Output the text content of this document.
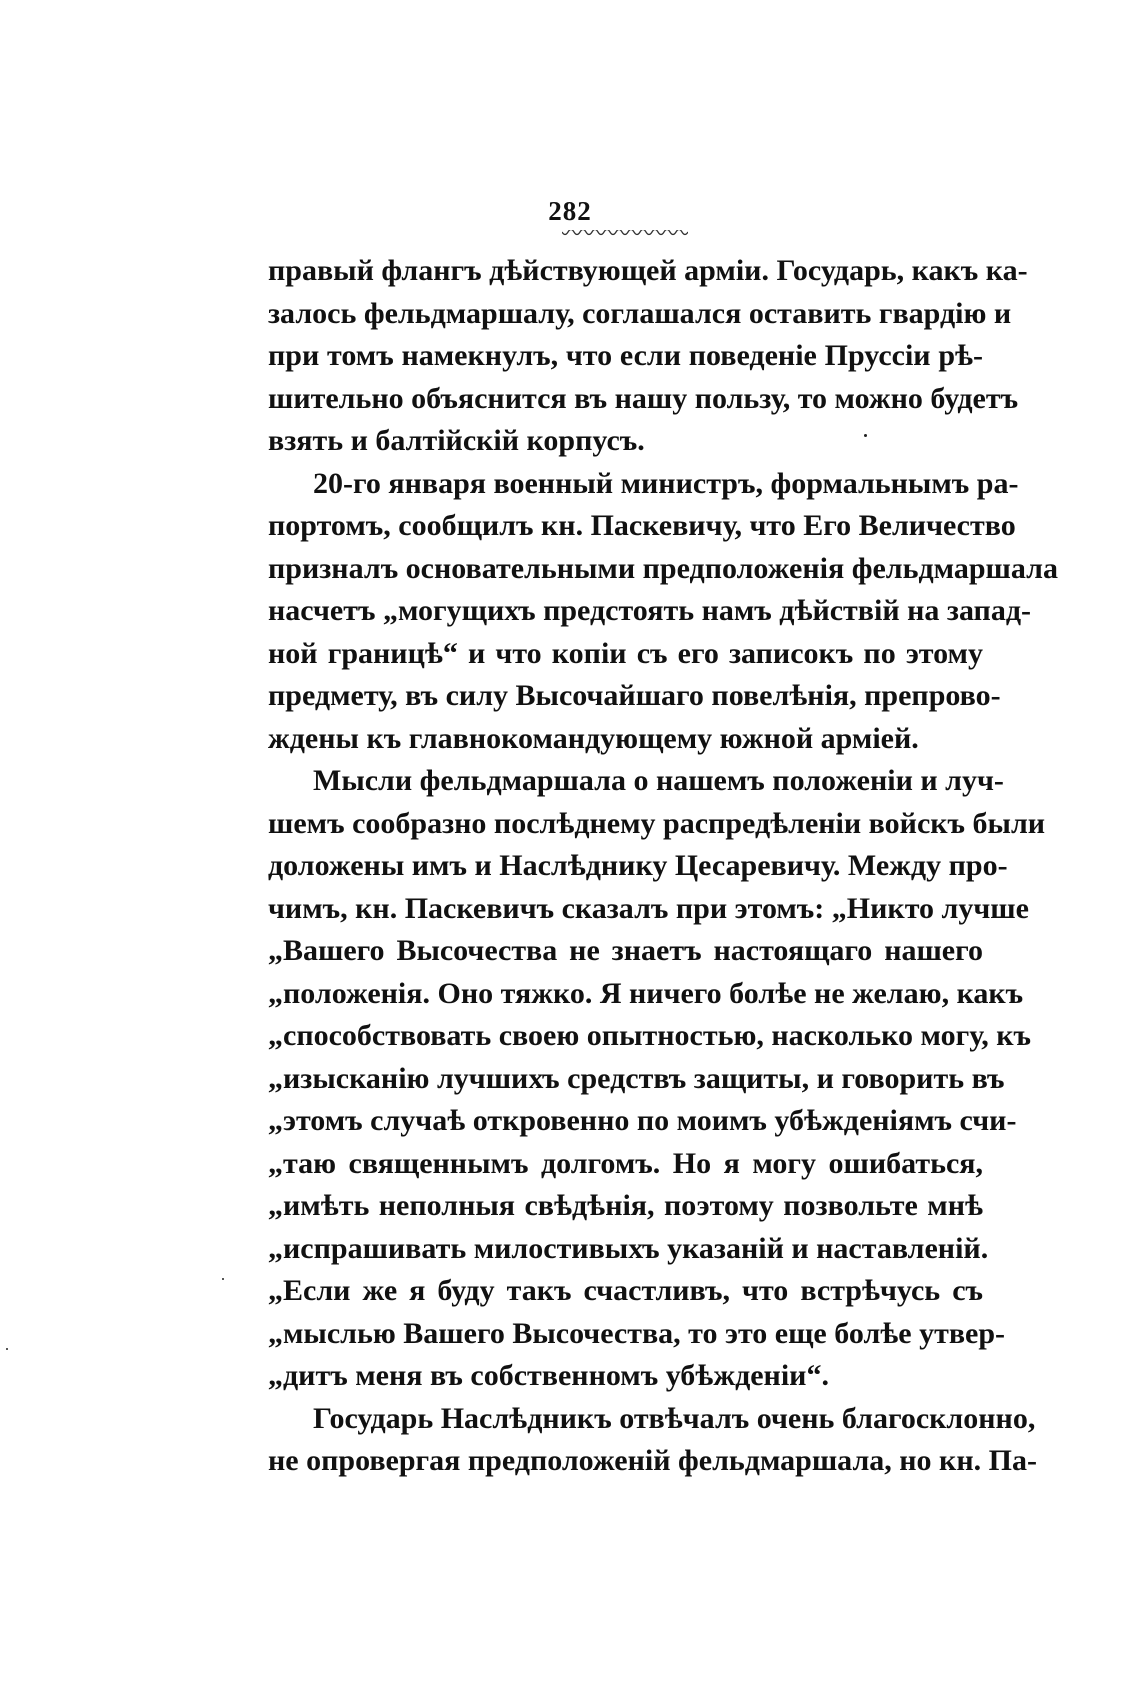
282
правый флангъ дѣйствующей арміи. Государь, какъ ка-
залось фельдмаршалу, соглашался оставить гвардію и
при томъ намекнулъ, что если поведеніе Пруссіи рѣ-
шительно объяснится въ нашу пользу, то можно будетъ
взять и балтійскій корпусъ.
20-го января военный министръ, формальнымъ ра-
портомъ, сообщилъ кн. Паскевичу, что Его Величество
призналъ основательными предположенія фельдмаршала
насчетъ „могущихъ предстоять намъ дѣйствій на запад-
ной границѣ“ и что копіи съ его записокъ по этому
предмету, въ силу Высочайшаго повелѣнія, препрово-
ждены къ главнокомандующему южной арміей.
Мысли фельдмаршала о нашемъ положеніи и луч-
шемъ сообразно послѣднему распредѣленіи войскъ были
доложены имъ и Наслѣднику Цесаревичу. Между про-
чимъ, кн. Паскевичъ сказалъ при этомъ: „Никто лучше
„Вашего Высочества не знаетъ настоящаго нашего
„положенія. Оно тяжко. Я ничего болѣе не желаю, какъ
„способствовать своею опытностью, насколько могу, къ
„изысканію лучшихъ средствъ защиты, и говорить въ
„этомъ случаѣ откровенно по моимъ убѣжденіямъ счи-
„таю священнымъ долгомъ. Но я могу ошибаться,
„имѣть неполныя свѣдѣнія, поэтому позвольте мнѣ
„испрашивать милостивыхъ указаній и наставленій.
„Если же я буду такъ счастливъ, что встрѣчусь съ
„мыслью Вашего Высочества, то это еще болѣе утвер-
„дитъ меня въ собственномъ убѣжденіи“.
Государь Наслѣдникъ отвѣчалъ очень благосклонно,
не опровергая предположеній фельдмаршала, но кн. Па-
